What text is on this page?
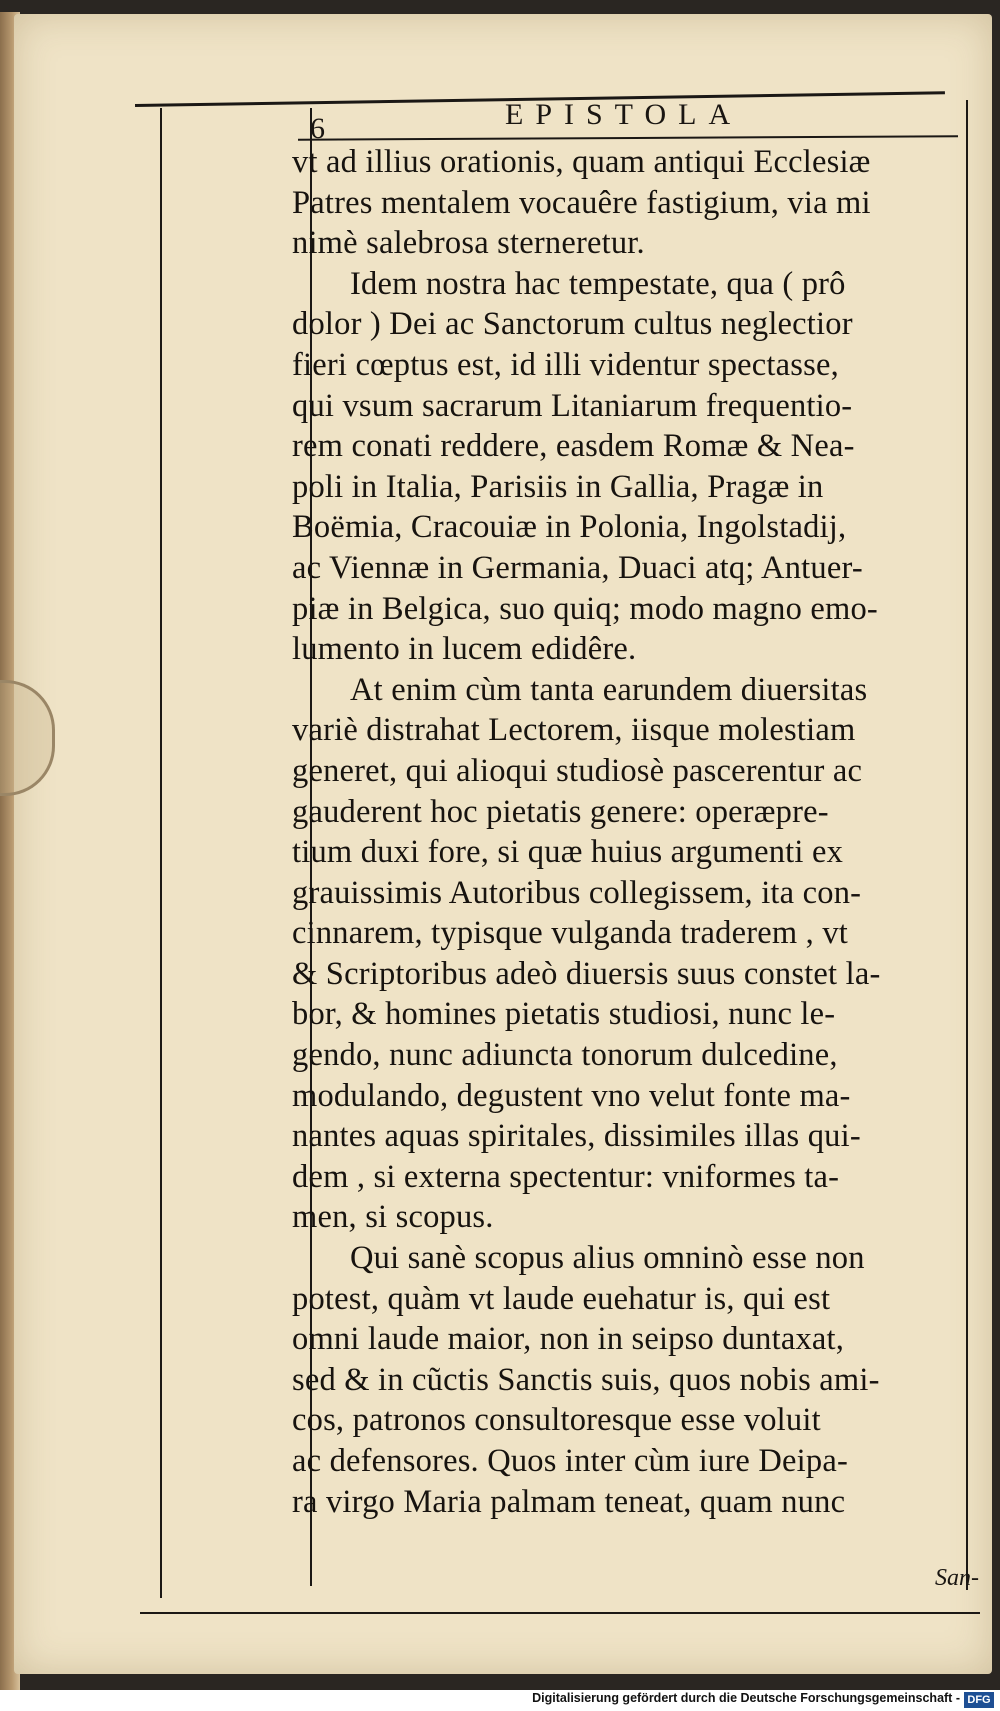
6	EPISTOLA
vt ad illius orationis, quam antiqui Ecclesiæ
Patres mentalem vocauêre fastigium, via mi
nimè salebrosa sterneretur.
Idem nostra hac tempestate, qua ( prô
dolor ) Dei ac Sanctorum cultus neglectior
fieri cœptus est, id illi videntur spectasse,
qui vsum sacrarum Litaniarum frequentio-
rem conati reddere, easdem Romæ & Nea-
poli in Italia, Parisiis in Gallia, Pragæ in
Boëmia, Cracouiæ in Polonia, Ingolstadij,
ac Viennæ in Germania, Duaci atq; Antuer-
piæ in Belgica, suo quiq; modo magno emo-
lumento in lucem edidêre.
At enim cùm tanta earundem diuersitas
variè distrahat Lectorem, iisque molestiam
generet, qui alioqui studiosè pascerentur ac
gauderent hoc pietatis genere: operæpre-
tium duxi fore, si quæ huius argumenti ex
grauissimis Autoribus collegissem, ita con-
cinnarem, typisque vulganda traderem , vt
& Scriptoribus adeò diuersis suus constet la-
bor, & homines pietatis studiosi, nunc le-
gendo, nunc adiuncta tonorum dulcedine,
modulando, degustent vno velut fonte ma-
nantes aquas spiritales, dissimiles illas qui-
dem , si externa spectentur: vniformes ta-
men, si scopus.
Qui sanè scopus alius omninò esse non
potest, quàm vt laude euehatur is, qui est
omni laude maior, non in seipso duntaxat,
sed & in cũctis Sanctis suis, quos nobis ami-
cos, patronos consultoresque esse voluit
ac defensores. Quos inter cùm iure Deipa-
ra virgo Maria palmam teneat, quam nunc
San-
Digitalisierung gefördert durch die Deutsche Forschungsgemeinschaft - DFG
